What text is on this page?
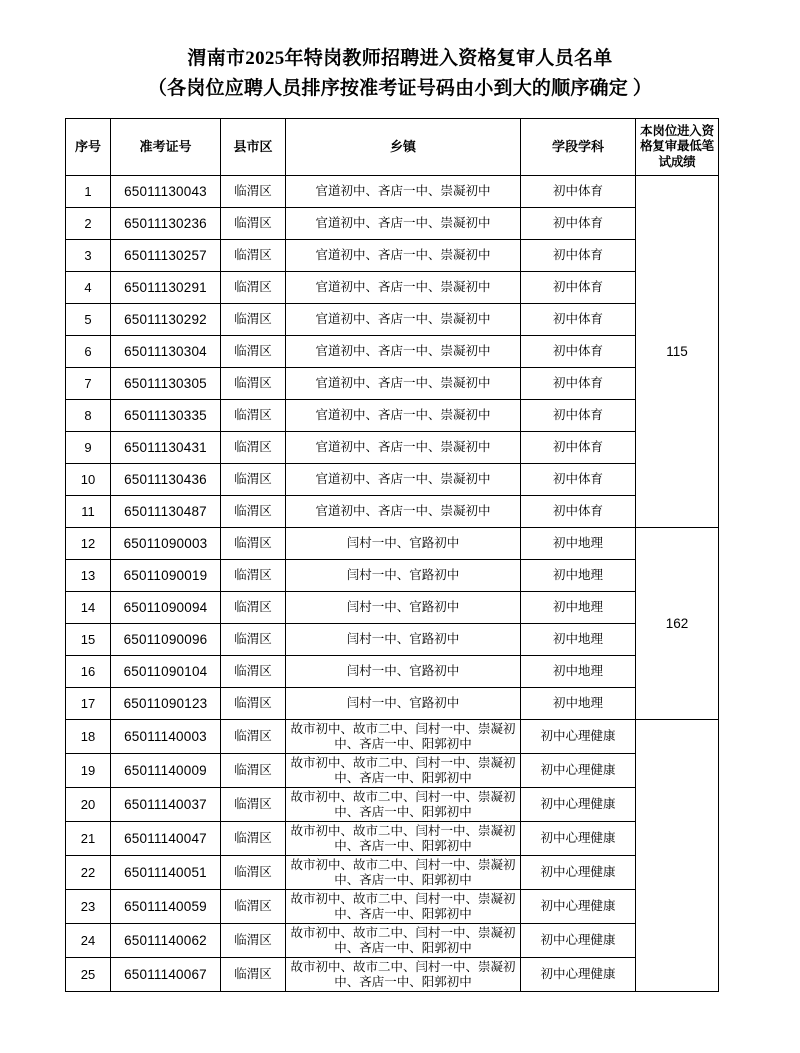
渭南市2025年特岗教师招聘进入资格复审人员名单
（各岗位应聘人员排序按准考证号码由小到大的顺序确定 ）
序号	准考证号	县市区	乡镇	学段学科	本岗位进入资格复审最低笔试成绩
1	65011130043	临渭区	官道初中、吝店一中、崇凝初中	初中体育	115
2	65011130236	临渭区	官道初中、吝店一中、崇凝初中	初中体育	
3	65011130257	临渭区	官道初中、吝店一中、崇凝初中	初中体育	
4	65011130291	临渭区	官道初中、吝店一中、崇凝初中	初中体育	
5	65011130292	临渭区	官道初中、吝店一中、崇凝初中	初中体育	
6	65011130304	临渭区	官道初中、吝店一中、崇凝初中	初中体育	
7	65011130305	临渭区	官道初中、吝店一中、崇凝初中	初中体育	
8	65011130335	临渭区	官道初中、吝店一中、崇凝初中	初中体育	
9	65011130431	临渭区	官道初中、吝店一中、崇凝初中	初中体育	
10	65011130436	临渭区	官道初中、吝店一中、崇凝初中	初中体育	
11	65011130487	临渭区	官道初中、吝店一中、崇凝初中	初中体育	
12	65011090003	临渭区	闫村一中、官路初中	初中地理	162
13	65011090019	临渭区	闫村一中、官路初中	初中地理	
14	65011090094	临渭区	闫村一中、官路初中	初中地理	
15	65011090096	临渭区	闫村一中、官路初中	初中地理	
16	65011090104	临渭区	闫村一中、官路初中	初中地理	
17	65011090123	临渭区	闫村一中、官路初中	初中地理	
18	65011140003	临渭区	故市初中、故市二中、闫村一中、崇凝初中、吝店一中、阳郭初中	初中心理健康	
19	65011140009	临渭区	故市初中、故市二中、闫村一中、崇凝初中、吝店一中、阳郭初中	初中心理健康	
20	65011140037	临渭区	故市初中、故市二中、闫村一中、崇凝初中、吝店一中、阳郭初中	初中心理健康	
21	65011140047	临渭区	故市初中、故市二中、闫村一中、崇凝初中、吝店一中、阳郭初中	初中心理健康	
22	65011140051	临渭区	故市初中、故市二中、闫村一中、崇凝初中、吝店一中、阳郭初中	初中心理健康	
23	65011140059	临渭区	故市初中、故市二中、闫村一中、崇凝初中、吝店一中、阳郭初中	初中心理健康	
24	65011140062	临渭区	故市初中、故市二中、闫村一中、崇凝初中、吝店一中、阳郭初中	初中心理健康	
25	65011140067	临渭区	故市初中、故市二中、闫村一中、崇凝初中、吝店一中、阳郭初中	初中心理健康	
